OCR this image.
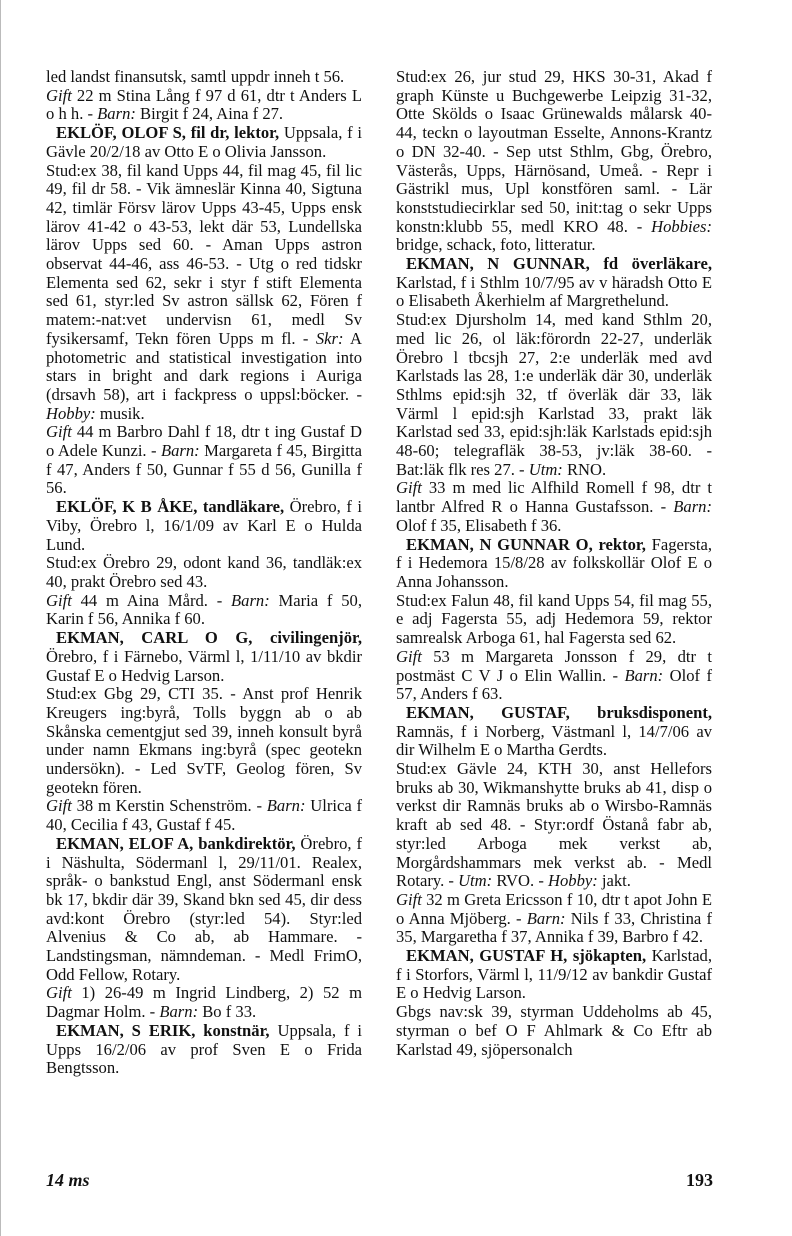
led landst finansutsk, samtl uppdr inneh t 56.

Gift 22 m Stina Lång f 97 d 61, dtr t Anders L o h h. - Barn: Birgit f 24, Aina f 27.

EKLÖF, OLOF S, fil dr, lektor, Uppsala, f i Gävle 20/2/18 av Otto E o Olivia Jansson.

Stud:ex 38, fil kand Upps 44, fil mag 45, fil lic 49, fil dr 58. - Vik ämneslär Kinna 40, Sigtuna 42, timlär Försv lärov Upps 43-45, Upps ensk lärov 41-42 o 43-53, lekt där 53, Lundellska lärov Upps sed 60. - Aman Upps astron observat 44-46, ass 46-53. - Utg o red tidskr Elementa sed 62, sekr i styr f stift Elementa sed 61, styr:led Sv astron sällsk 62, Fören f matem:-nat:vet undervisn 61, medl Sv fysikersamf, Tekn fören Upps m fl. - Skr: A photometric and statistical investigation into stars in bright and dark regions i Auriga (drsavh 58), art i fackpress o uppsl:böcker. - Hobby: musik.

Gift 44 m Barbro Dahl f 18, dtr t ing Gustaf D o Adele Kunzi. - Barn: Margareta f 45, Birgitta f 47, Anders f 50, Gunnar f 55 d 56, Gunilla f 56.

EKLÖF, K B ÅKE, tandläkare, Örebro, f i Viby, Örebro l, 16/1/09 av Karl E o Hulda Lund.

Stud:ex Örebro 29, odont kand 36, tandläk:ex 40, prakt Örebro sed 43.

Gift 44 m Aina Mård. - Barn: Maria f 50, Karin f 56, Annika f 60.

EKMAN, CARL O G, civilingenjör, Örebro, f i Färnebo, Värml l, 1/11/10 av bkdir Gustaf E o Hedvig Larson.

Stud:ex Gbg 29, CTI 35. - Anst prof Henrik Kreugers ing:byrå, Tolls byggn ab o ab Skånska cementgjut sed 39, inneh konsult byrå under namn Ekmans ing:byrå (spec geotekn undersökn). - Led SvTF, Geolog fören, Sv geotekn fören.

Gift 38 m Kerstin Schenström. - Barn: Ulrica f 40, Cecilia f 43, Gustaf f 45.

EKMAN, ELOF A, bankdirektör, Örebro, f i Näshulta, Södermanl l, 29/11/01. Realex, språk- o bankstud Engl, anst Södermanl ensk bk 17, bkdir där 39, Skand bkn sed 45, dir dess avd:kont Örebro (styr:led 54). Styr:led Alvenius & Co ab, ab Hammare. - Landstingsman, nämndeman. - Medl FrimO, Odd Fellow, Rotary.

Gift 1) 26-49 m Ingrid Lindberg, 2) 52 m Dagmar Holm. - Barn: Bo f 33.

EKMAN, S ERIK, konstnär, Uppsala, f i Upps 16/2/06 av prof Sven E o Frida Bengtsson.

Stud:ex 26, jur stud 29, HKS 30-31, Akad f graph Künste u Buchgewerbe Leipzig 31-32, Otte Skölds o Isaac Grünewalds målarsk 40-44, teckn o layoutman Esselte, Annons-Krantz o DN 32-40. - Sep utst Sthlm, Gbg, Örebro, Västerås, Upps, Härnösand, Umeå. - Repr i Gästrikl mus, Upl konstfören saml. - Lär konststudiecirklar sed 50, init:tag o sekr Upps konstn:klubb 55, medl KRO 48. - Hobbies: bridge, schack, foto, litteratur.

EKMAN, N GUNNAR, fd överläkare, Karlstad, f i Sthlm 10/7/95 av v häradsh Otto E o Elisabeth Åkerhielm af Margrethelund.

Stud:ex Djursholm 14, med kand Sthlm 20, med lic 26, ol läk:förordn 22-27, underläk Örebro l tbcsjh 27, 2:e underläk med avd Karlstads las 28, 1:e underläk där 30, underläk Sthlms epid:sjh 32, tf överläk där 33, läk Värml l epid:sjh Karlstad 33, prakt läk Karlstad sed 33, epid:sjh:läk Karlstads epid:sjh 48-60; telegrafläk 38-53, jv:läk 38-60. - Bat:läk flk res 27. - Utm: RNO.

Gift 33 m med lic Alfhild Romell f 98, dtr t lantbr Alfred R o Hanna Gustafsson. - Barn: Olof f 35, Elisabeth f 36.

EKMAN, N GUNNAR O, rektor, Fagersta, f i Hedemora 15/8/28 av folkskollär Olof E o Anna Johansson.

Stud:ex Falun 48, fil kand Upps 54, fil mag 55, e adj Fagersta 55, adj Hedemora 59, rektor samrealsk Arboga 61, hal Fagersta sed 62.

Gift 53 m Margareta Jonsson f 29, dtr t postmäst C V J o Elin Wallin. - Barn: Olof f 57, Anders f 63.

EKMAN, GUSTAF, bruksdisponent, Ramnäs, f i Norberg, Västmanl l, 14/7/06 av dir Wilhelm E o Martha Gerdts.

Stud:ex Gävle 24, KTH 30, anst Hellefors bruks ab 30, Wikmanshytte bruks ab 41, disp o verkst dir Ramnäs bruks ab o Wirsbo-Ramnäs kraft ab sed 48. - Styr:ordf Östanå fabr ab, styr:led Arboga mek verkst ab, Morgårdshammars mek verkst ab. - Medl Rotary. - Utm: RVO. - Hobby: jakt.

Gift 32 m Greta Ericsson f 10, dtr t apot John E o Anna Mjöberg. - Barn: Nils f 33, Christina f 35, Margaretha f 37, Annika f 39, Barbro f 42.

EKMAN, GUSTAF H, sjökapten, Karlstad, f i Storfors, Värml l, 11/9/12 av bankdir Gustaf E o Hedvig Larson.

Gbgs nav:sk 39, styrman Uddeholms ab 45, styrman o bef O F Ahlmark & Co Eftr ab Karlstad 49, sjöpersonalch

14 ms	193
